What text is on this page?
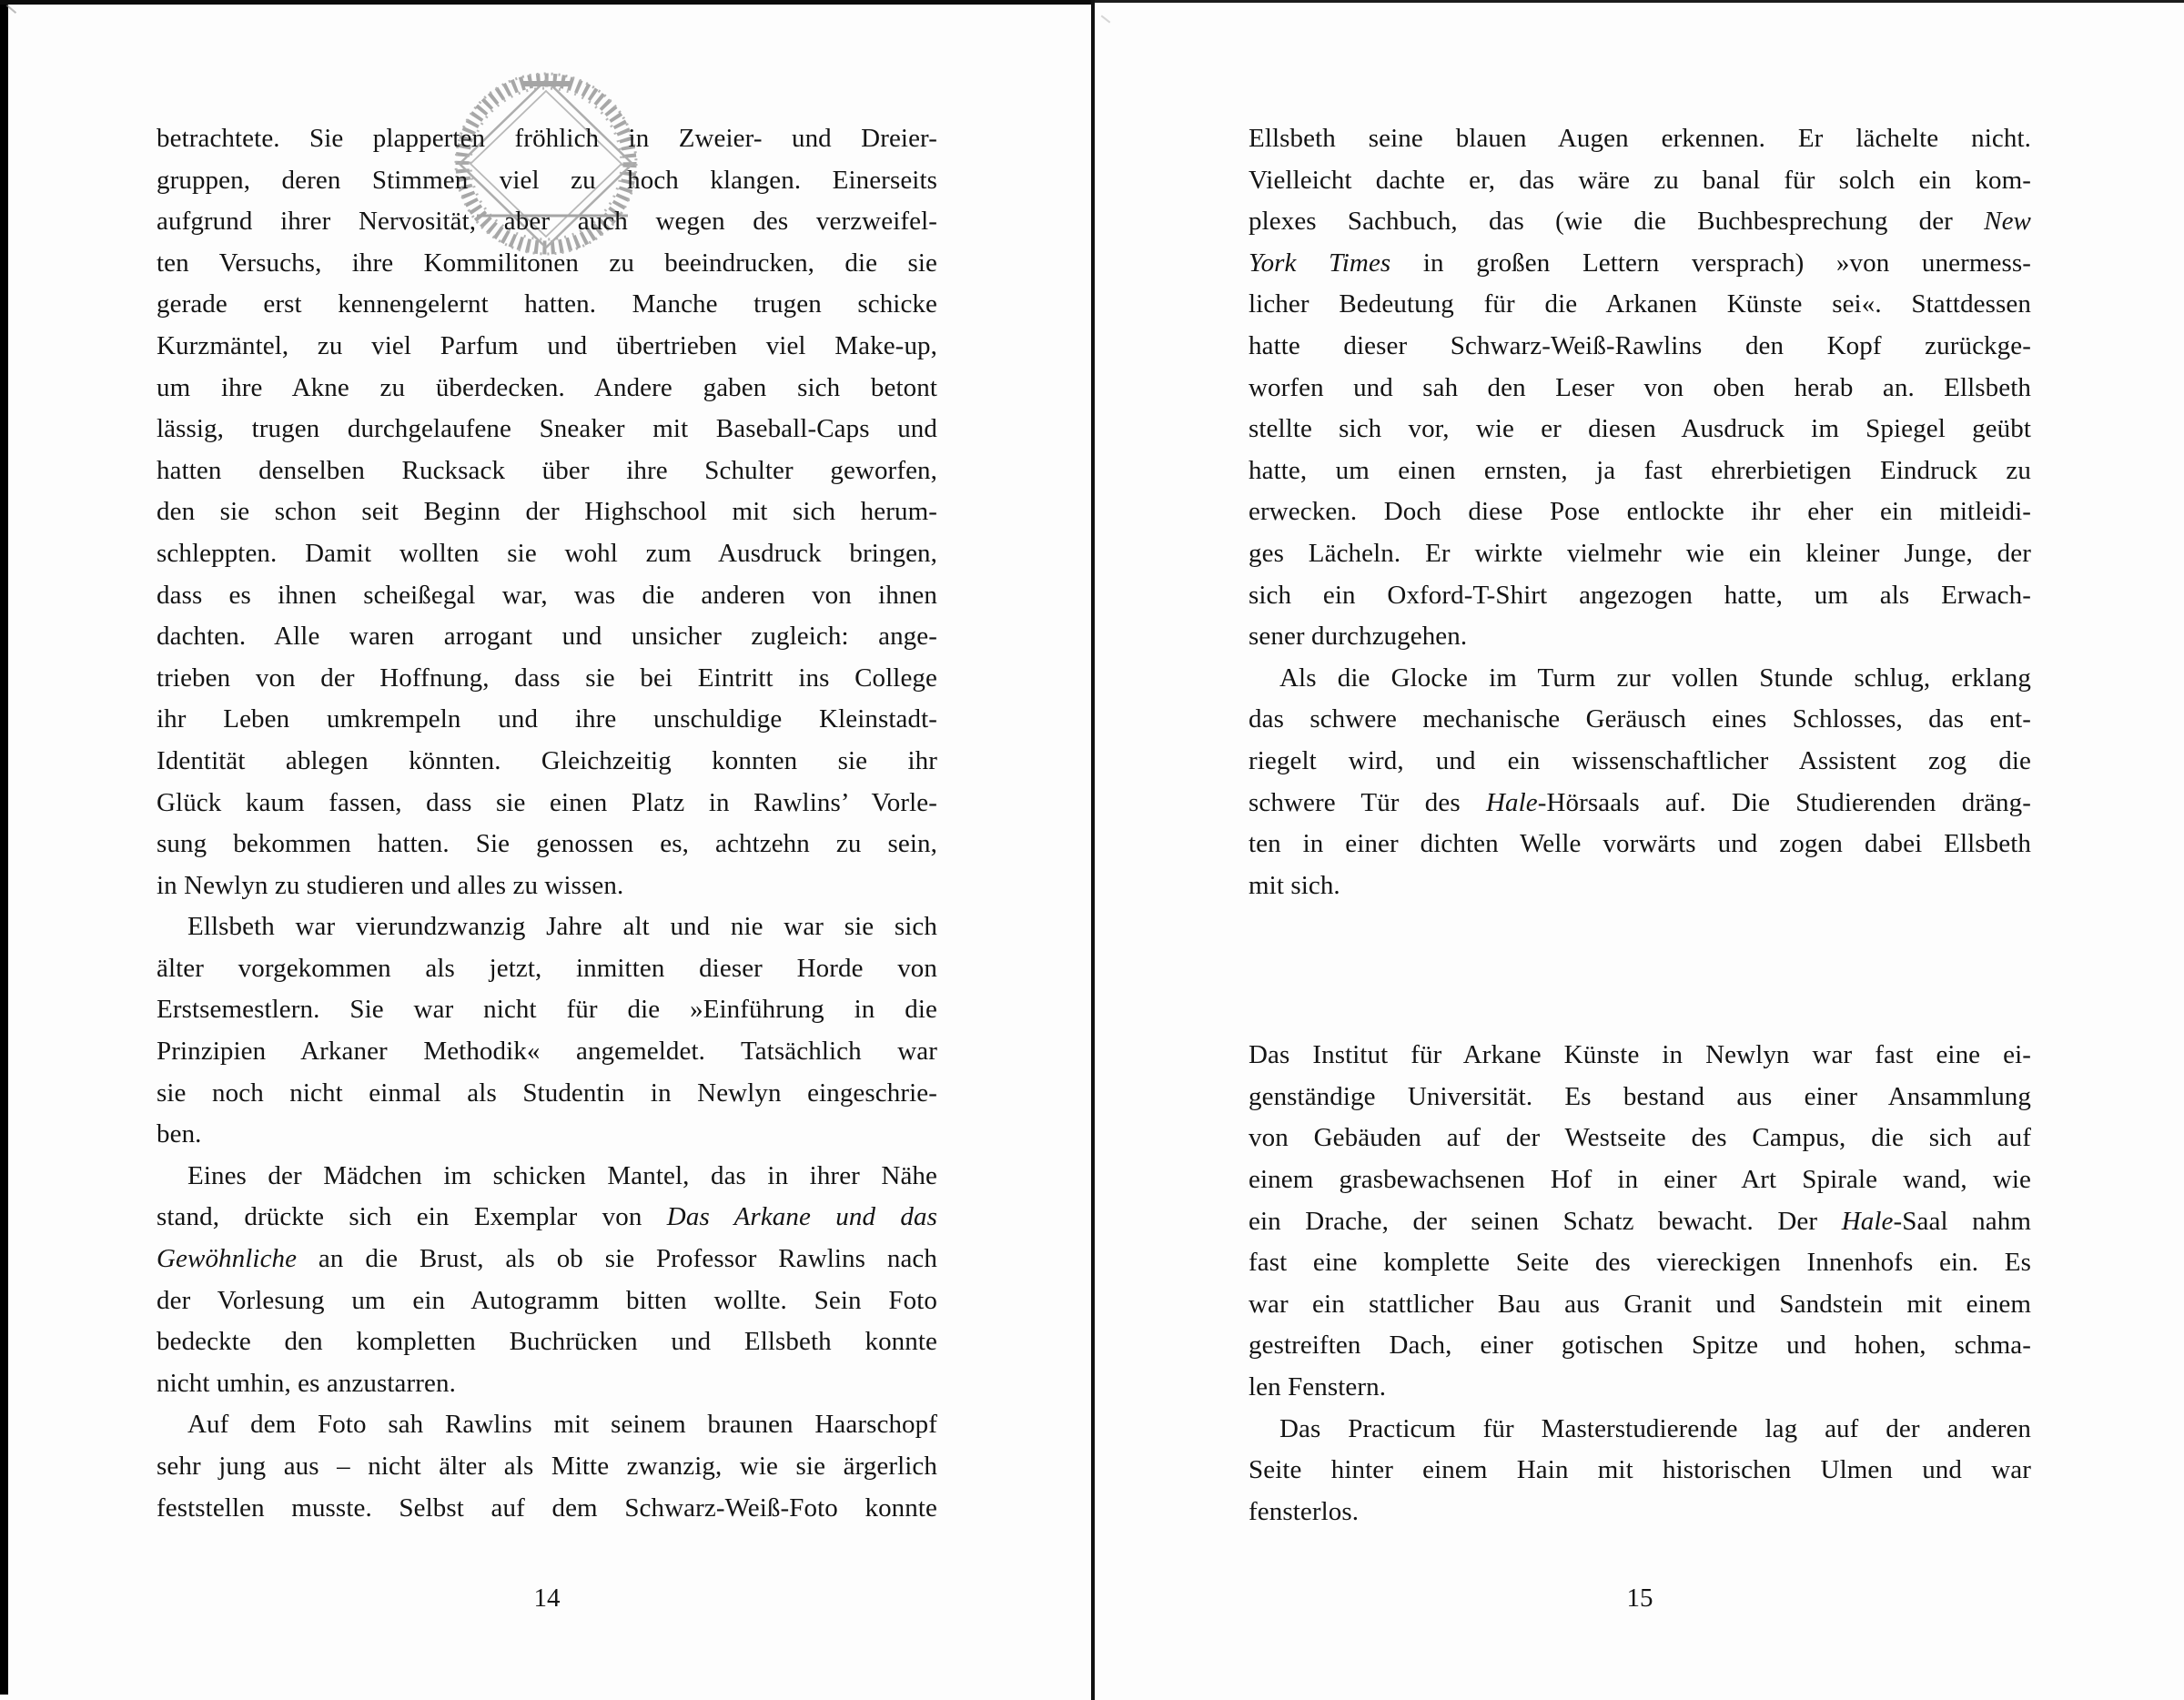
betrachtete. Sie plapperten fröhlich in Zweier- und Dreier-
gruppen, deren Stimmen viel zu hoch klangen. Einerseits
aufgrund ihrer Nervosität, aber auch wegen des verzweifel-
ten Versuchs, ihre Kommilitonen zu beeindrucken, die sie
gerade erst kennengelernt hatten. Manche trugen schicke
Kurzmäntel, zu viel Parfum und übertrieben viel Make-up,
um ihre Akne zu überdecken. Andere gaben sich betont
lässig, trugen durchgelaufene Sneaker mit Baseball-Caps und
hatten denselben Rucksack über ihre Schulter geworfen,
den sie schon seit Beginn der Highschool mit sich herum-
schleppten. Damit wollten sie wohl zum Ausdruck bringen,
dass es ihnen scheißegal war, was die anderen von ihnen
dachten. Alle waren arrogant und unsicher zugleich: ange-
trieben von der Hoffnung, dass sie bei Eintritt ins College
ihr Leben umkrempeln und ihre unschuldige Kleinstadt-
Identität ablegen könnten. Gleichzeitig konnten sie ihr
Glück kaum fassen, dass sie einen Platz in Rawlins’ Vorle-
sung bekommen hatten. Sie genossen es, achtzehn zu sein,
in Newlyn zu studieren und alles zu wissen.
Ellsbeth war vierundzwanzig Jahre alt und nie war sie sich
älter vorgekommen als jetzt, inmitten dieser Horde von
Erstsemestlern. Sie war nicht für die »Einführung in die
Prinzipien Arkaner Methodik« angemeldet. Tatsächlich war
sie noch nicht einmal als Studentin in Newlyn eingeschrie-
ben.
Eines der Mädchen im schicken Mantel, das in ihrer Nähe
stand, drückte sich ein Exemplar von Das Arkane und das
Gewöhnliche an die Brust, als ob sie Professor Rawlins nach
der Vorlesung um ein Autogramm bitten wollte. Sein Foto
bedeckte den kompletten Buchrücken und Ellsbeth konnte
nicht umhin, es anzustarren.
Auf dem Foto sah Rawlins mit seinem braunen Haarschopf
sehr jung aus – nicht älter als Mitte zwanzig, wie sie ärgerlich
feststellen musste. Selbst auf dem Schwarz-Weiß-Foto konnte
Ellsbeth seine blauen Augen erkennen. Er lächelte nicht.
Vielleicht dachte er, das wäre zu banal für solch ein kom-
plexes Sachbuch, das (wie die Buchbesprechung der New
York Times in großen Lettern versprach) »von unermess-
licher Bedeutung für die Arkanen Künste sei«. Stattdessen
hatte dieser Schwarz-Weiß-Rawlins den Kopf zurückge-
worfen und sah den Leser von oben herab an. Ellsbeth
stellte sich vor, wie er diesen Ausdruck im Spiegel geübt
hatte, um einen ernsten, ja fast ehrerbietigen Eindruck zu
erwecken. Doch diese Pose entlockte ihr eher ein mitleidi-
ges Lächeln. Er wirkte vielmehr wie ein kleiner Junge, der
sich ein Oxford-T-Shirt angezogen hatte, um als Erwach-
sener durchzugehen.
Als die Glocke im Turm zur vollen Stunde schlug, erklang
das schwere mechanische Geräusch eines Schlosses, das ent-
riegelt wird, und ein wissenschaftlicher Assistent zog die
schwere Tür des Hale-Hörsaals auf. Die Studierenden dräng-
ten in einer dichten Welle vorwärts und zogen dabei Ellsbeth
mit sich.
Das Institut für Arkane Künste in Newlyn war fast eine ei-
genständige Universität. Es bestand aus einer Ansammlung
von Gebäuden auf der Westseite des Campus, die sich auf
einem grasbewachsenen Hof in einer Art Spirale wand, wie
ein Drache, der seinen Schatz bewacht. Der Hale-Saal nahm
fast eine komplette Seite des viereckigen Innenhofs ein. Es
war ein stattlicher Bau aus Granit und Sandstein mit einem
gestreiften Dach, einer gotischen Spitze und hohen, schma-
len Fenstern.
Das Practicum für Masterstudierende lag auf der anderen
Seite hinter einem Hain mit historischen Ulmen und war
fensterlos.
14	15
